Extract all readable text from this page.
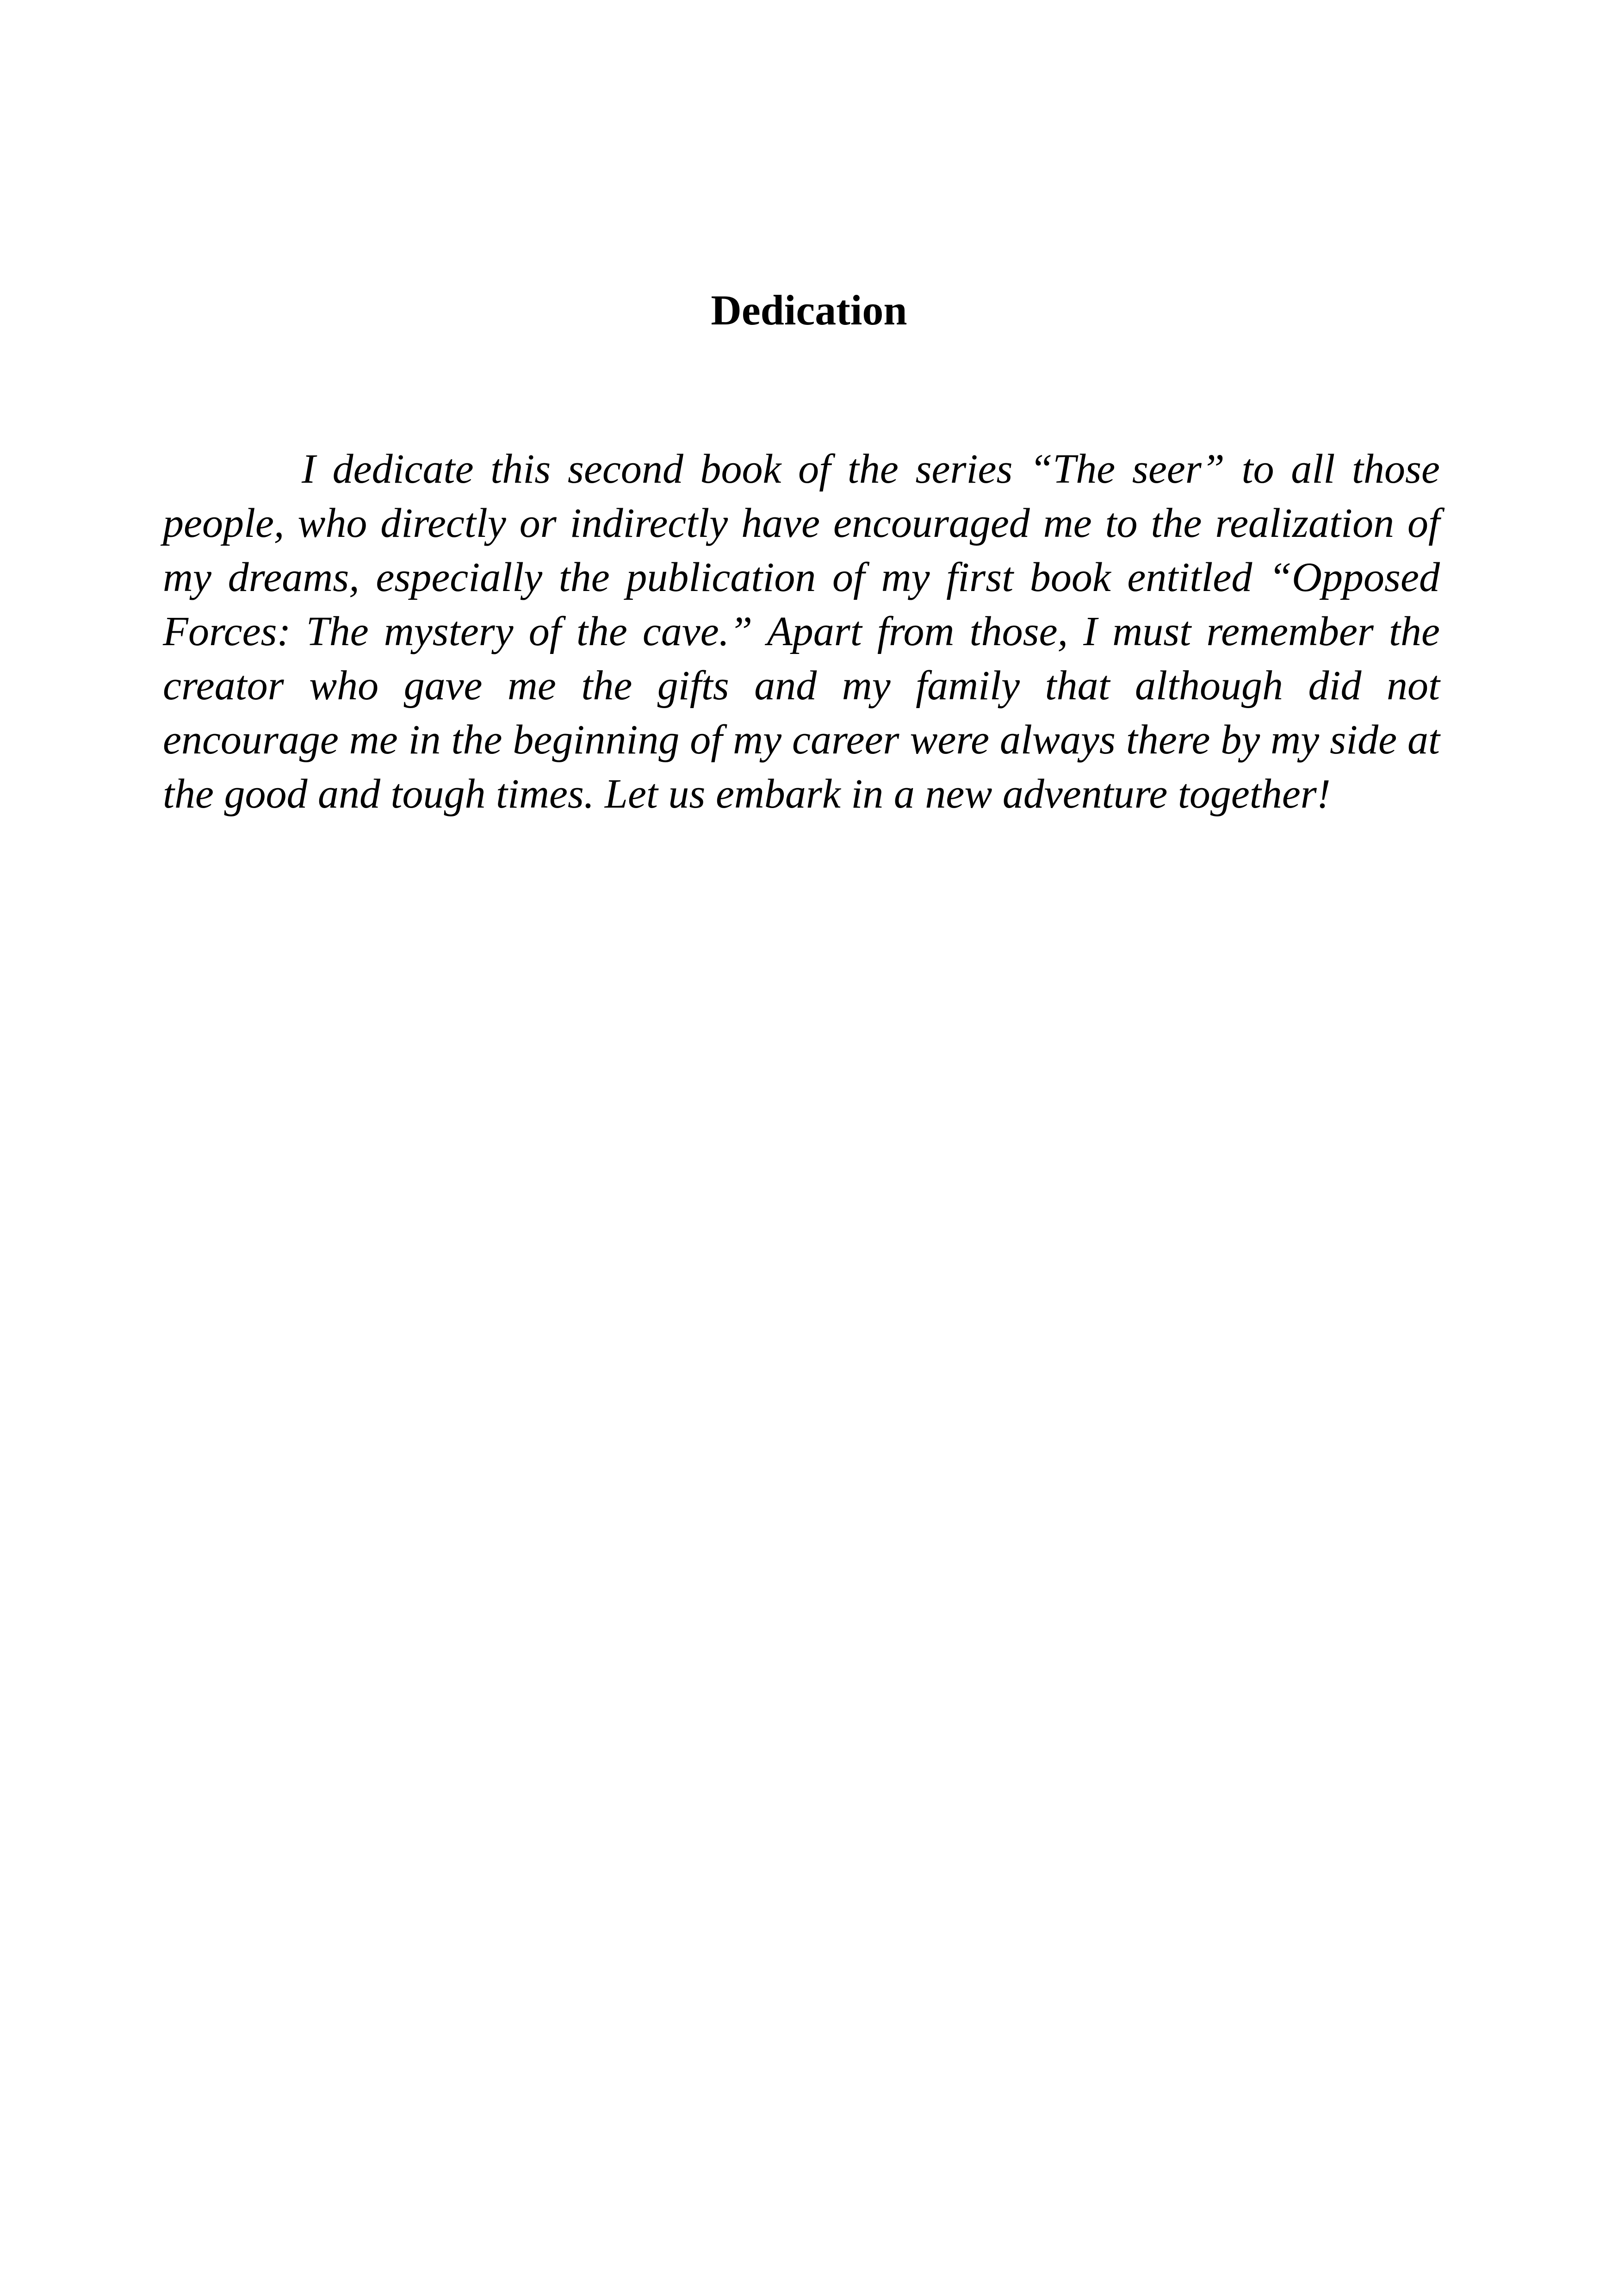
Dedication

I dedicate this second book of the series “The seer” to all those people, who directly or indirectly have encouraged me to the realization of my dreams, especially the publication of my first book entitled “Opposed Forces: The mystery of the cave.” Apart from those, I must remember the creator who gave me the gifts and my family that although did not encourage me in the beginning of my career were always there by my side at the good and tough times. Let us embark in a new adventure together!
